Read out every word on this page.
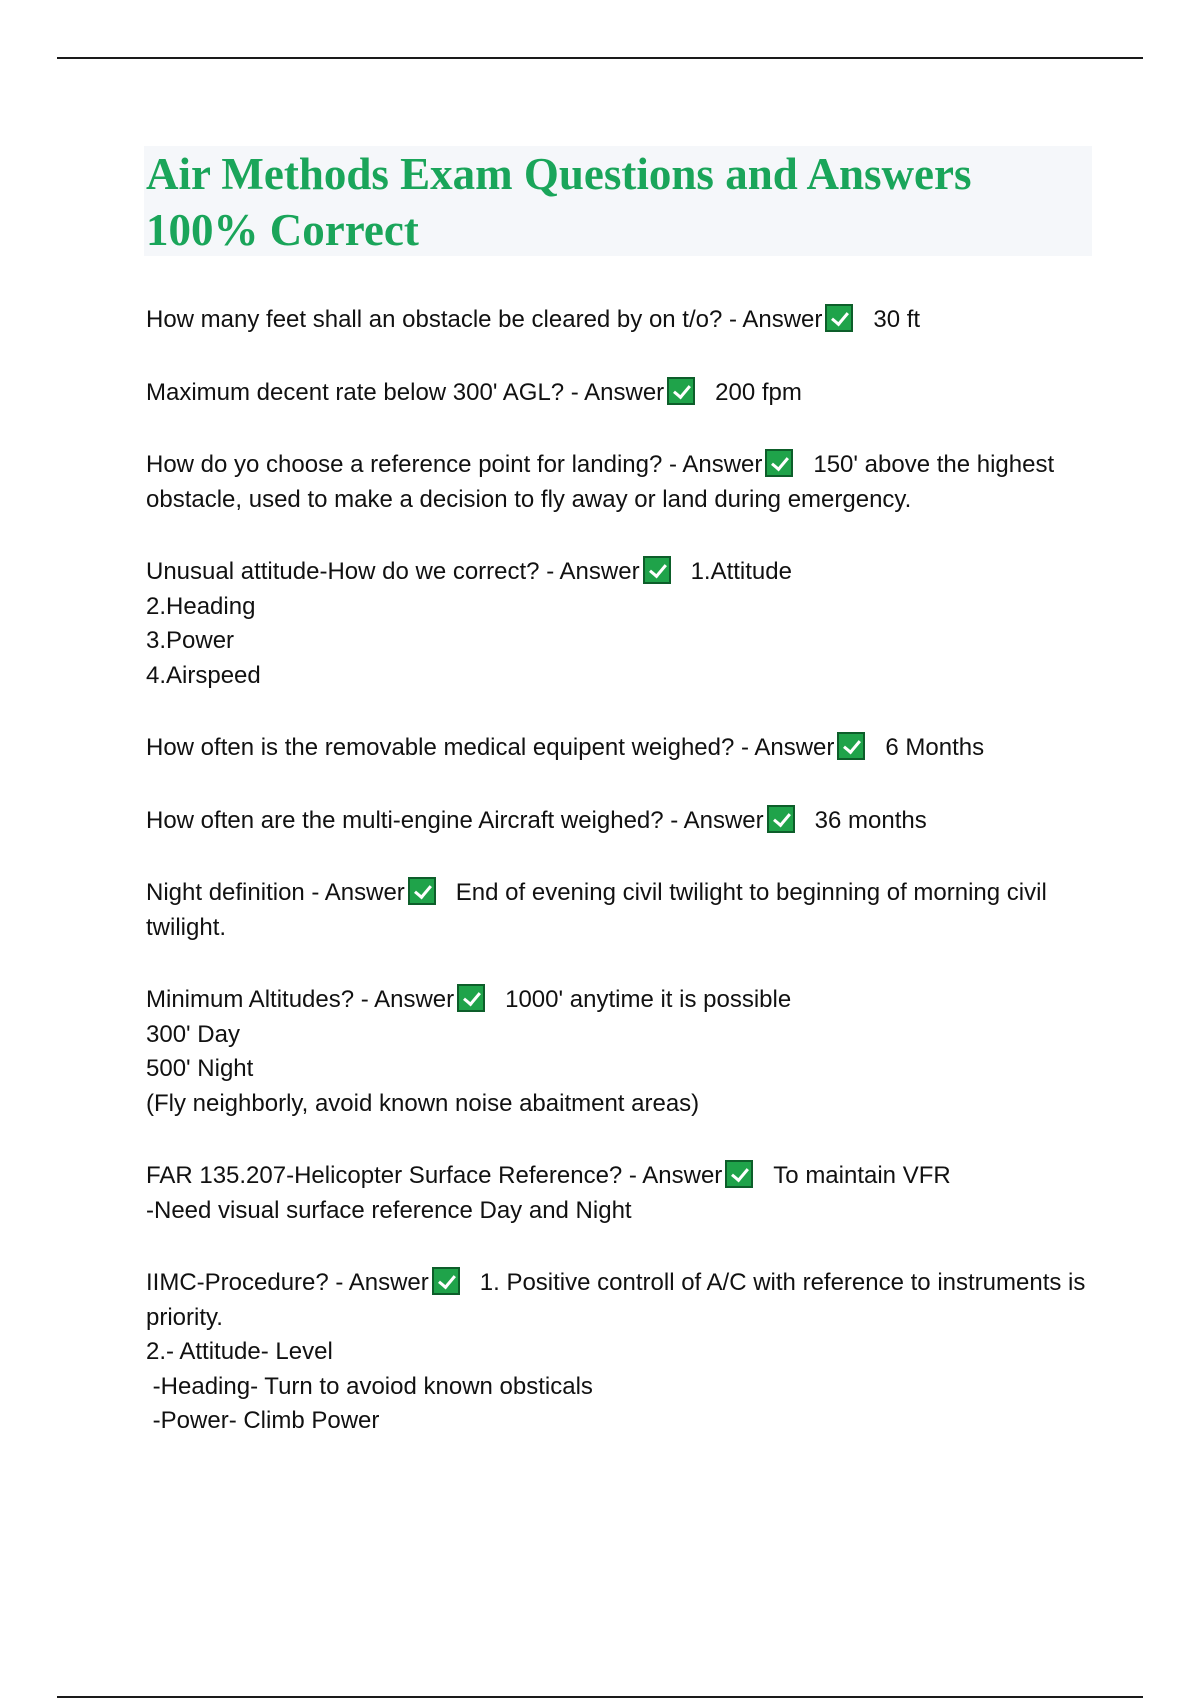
Air Methods Exam Questions and Answers
100% Correct

How many feet shall an obstacle be cleared by on t/o? - Answer 30 ft

Maximum decent rate below 300' AGL? - Answer 200 fpm

How do yo choose a reference point for landing? - Answer 150' above the highest obstacle, used to make a decision to fly away or land during emergency.

Unusual attitude-How do we correct? - Answer 1.Attitude

2.Heading

3.Power

4.Airspeed

How often is the removable medical equipent weighed? - Answer 6 Months

How often are the multi-engine Aircraft weighed? - Answer 36 months

Night definition - Answer End of evening civil twilight to beginning of morning civil twilight.

Minimum Altitudes? - Answer 1000' anytime it is possible

300' Day

500' Night

(Fly neighborly, avoid known noise abaitment areas)

FAR 135.207-Helicopter Surface Reference? - Answer To maintain VFR

-Need visual surface reference Day and Night

IIMC-Procedure? - Answer 1. Positive controll of A/C with reference to instruments is priority.

2.- Attitude- Level

-Heading- Turn to avoiod known obsticals

-Power- Climb Power
